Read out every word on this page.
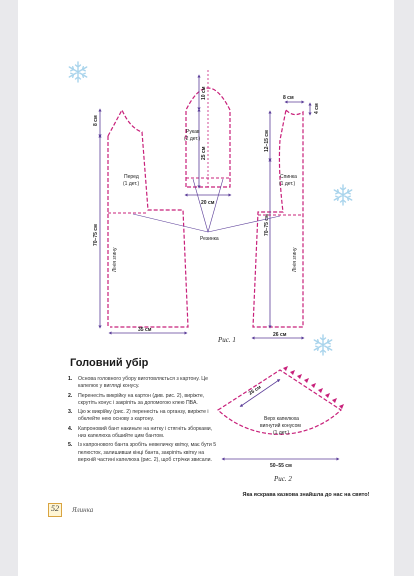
8 см
70–75 см
35 см
Лінія згину
Перед
(1 дет.)
10 см
25 см
20 см
Рукав
(2 дет.)
8 см
4 см
12–15 см
70–75 см
26 см
Лінія згину
Спинка
(1 дет.)
Резинка
Рис. 1
26 см
50–55 см
Верх капелюха
вигнутий конусом
(1 дет.)
Рис. 2
Головний убір
1. Основа головного убору виготовляється з картону. Це капелюх у вигляді конусу.
2. Перенесіть викрійку на картон (див. рис. 2), виріжте, скрутіть конус і закріпіть за допомогою клею ПВА.
3. Цю ж викрійку (рис. 2) перенесіть на органзу, виріжте і обклейте нею основу з картону.
4. Капроновий бант накиньте на нитку і стягніть зборками, низ капелюха обшийте цим бантом.
5. Із капронового банта зробіть невеличку квітку, має бути 5 пелюсток, залишивши кінці банта, закріпіть квітку на верхній частині капелюха (рис. 2), щоб стрічки звисали.
Яка яскрава казкова знайшла до нас на свято!
52 Ялинка
